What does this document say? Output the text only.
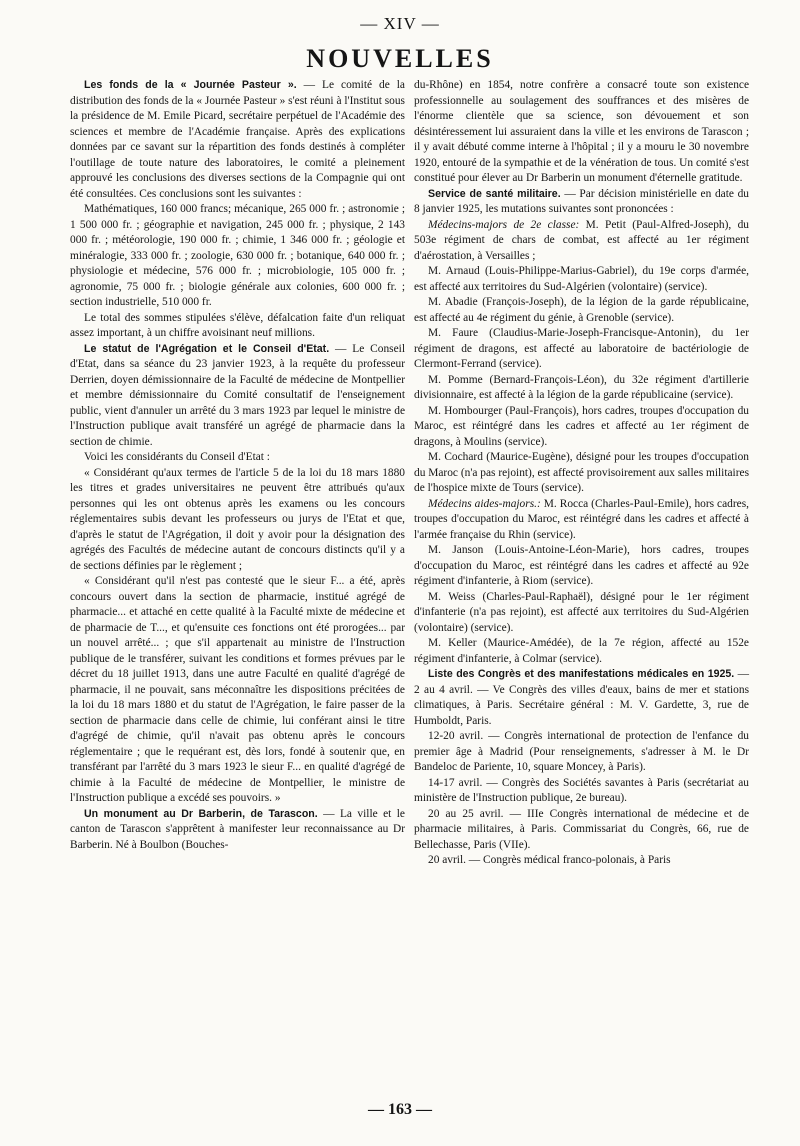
— XIV —
NOUVELLES

Les fonds de la « Journée Pasteur ». — Le comité de la distribution des fonds de la « Journée Pasteur » s'est réuni à l'Institut sous la présidence de M. Emile Picard, secrétaire perpétuel de l'Académie des sciences et membre de l'Académie française. Après des explications données par ce savant sur la répartition des fonds destinés à compléter l'outillage de toute nature des laboratoires, le comité a pleinement approuvé les conclusions des diverses sections de la Compagnie qui ont été consultées. Ces conclusions sont les suivantes :

Mathématiques, 160 000 francs; mécanique, 265 000 fr. ; astronomie ; 1 500 000 fr. ; géographie et navigation, 245 000 fr. ; physique, 2 143 000 fr. ; météorologie, 190 000 fr. ; chimie, 1 346 000 fr. ; géologie et minéralogie, 333 000 fr. ; zoologie, 630 000 fr. ; botanique, 640 000 fr. ; physiologie et médecine, 576 000 fr. ; microbiologie, 105 000 fr. ; agronomie, 75 000 fr. ; biologie générale aux colonies, 600 000 fr. ; section industrielle, 510 000 fr.

Le total des sommes stipulées s'élève, défalcation faite d'un reliquat assez important, à un chiffre avoisinant neuf millions.

Le statut de l'Agrégation et le Conseil d'Etat. — Le Conseil d'Etat, dans sa séance du 23 janvier 1923, à la requête du professeur Derrien, doyen démissionnaire de la Faculté de médecine de Montpellier et membre démissionnaire du Comité consultatif de l'enseignement public, vient d'annuler un arrêté du 3 mars 1923 par lequel le ministre de l'Instruction publique avait transféré un agrégé de pharmacie dans la section de chimie.

Voici les considérants du Conseil d'Etat :

« Considérant qu'aux termes de l'article 5 de la loi du 18 mars 1880 les titres et grades universitaires ne peuvent être attribués qu'aux personnes qui les ont obtenus après les examens ou les concours réglementaires subis devant les professeurs ou jurys de l'Etat et que, d'après le statut de l'Agrégation, il doit y avoir pour la désignation des agrégés des Facultés de médecine autant de concours distincts qu'il y a de sections définies par le règlement ;

« Considérant qu'il n'est pas contesté que le sieur F... a été, après concours ouvert dans la section de pharmacie, institué agrégé de pharmacie... et attaché en cette qualité à la Faculté mixte de médecine et de pharmacie de T..., et qu'ensuite ces fonctions ont été prorogées... par un nouvel arrêté... ; que s'il appartenait au ministre de l'Instruction publique de le transférer, suivant les conditions et formes prévues par le décret du 18 juillet 1913, dans une autre Faculté en qualité d'agrégé de pharmacie, il ne pouvait, sans méconnaître les dispositions précitées de la loi du 18 mars 1880 et du statut de l'Agrégation, le faire passer de la section de pharmacie dans celle de chimie, lui conférant ainsi le titre d'agrégé de chimie, qu'il n'avait pas obtenu après le concours réglementaire ; que le requérant est, dès lors, fondé à soutenir que, en transférant par l'arrêté du 3 mars 1923 le sieur F... en qualité d'agrégé de chimie à la Faculté de médecine de Montpellier, le ministre de l'Instruction publique a excédé ses pouvoirs. »

Un monument au Dr Barberin, de Tarascon. — La ville et le canton de Tarascon s'apprêtent à manifester leur reconnaissance au Dr Barberin. Né à Boulbon (Bouches-

du-Rhône) en 1854, notre confrère a consacré toute son existence professionnelle au soulagement des souffrances et des misères de l'énorme clientèle que sa science, son dévouement et son désintéressement lui assuraient dans la ville et les environs de Tarascon ; il y avait débuté comme interne à l'hôpital ; il y a mouru le 30 novembre 1920, entouré de la sympathie et de la vénération de tous. Un comité s'est constitué pour élever au Dr Barberin un monument d'éternelle gratitude.

Service de santé militaire. — Par décision ministérielle en date du 8 janvier 1925, les mutations suivantes sont prononcées :

Médecins-majors de 2e classe: M. Petit (Paul-Alfred-Joseph), du 503e régiment de chars de combat, est affecté au 1er régiment d'aérostation, à Versailles ;

M. Arnaud (Louis-Philippe-Marius-Gabriel), du 19e corps d'armée, est affecté aux territoires du Sud-Algérien (volontaire) (service).

M. Abadie (François-Joseph), de la légion de la garde républicaine, est affecté au 4e régiment du génie, à Grenoble (service).

M. Faure (Claudius-Marie-Joseph-Francisque-Antonin), du 1er régiment de dragons, est affecté au laboratoire de bactériologie de Clermont-Ferrand (service).

M. Pomme (Bernard-François-Léon), du 32e régiment d'artillerie divisionnaire, est affecté à la légion de la garde républicaine (service).

M. Hombourger (Paul-François), hors cadres, troupes d'occupation du Maroc, est réintégré dans les cadres et affecté au 1er régiment de dragons, à Moulins (service).

M. Cochard (Maurice-Eugène), désigné pour les troupes d'occupation du Maroc (n'a pas rejoint), est affecté provisoirement aux salles militaires de l'hospice mixte de Tours (service).

Médecins aides-majors.: M. Rocca (Charles-Paul-Emile), hors cadres, troupes d'occupation du Maroc, est réintégré dans les cadres et affecté à l'armée française du Rhin (service).

M. Janson (Louis-Antoine-Léon-Marie), hors cadres, troupes d'occupation du Maroc, est réintégré dans les cadres et affecté au 92e régiment d'infanterie, à Riom (service).

M. Weiss (Charles-Paul-Raphaël), désigné pour le 1er régiment d'infanterie (n'a pas rejoint), est affecté aux territoires du Sud-Algérien (volontaire) (service).

M. Keller (Maurice-Amédée), de la 7e région, affecté au 152e régiment d'infanterie, à Colmar (service).

Liste des Congrès et des manifestations médicales en 1925. — 2 au 4 avril. — Ve Congrès des villes d'eaux, bains de mer et stations climatiques, à Paris. Secrétaire général : M. V. Gardette, 3, rue de Humboldt, Paris.

12-20 avril. — Congrès international de protection de l'enfance du premier âge à Madrid (Pour renseignements, s'adresser à M. le Dr Bandeloc de Pariente, 10, square Moncey, à Paris).

14-17 avril. — Congrès des Sociétés savantes à Paris (secrétariat au ministère de l'Instruction publique, 2e bureau).

20 au 25 avril. — IIIe Congrès international de médecine et de pharmacie militaires, à Paris. Commissariat du Congrès, 66, rue de Bellechasse, Paris (VIIe).

20 avril. — Congrès médical franco-polonais, à Paris

— 163 —
